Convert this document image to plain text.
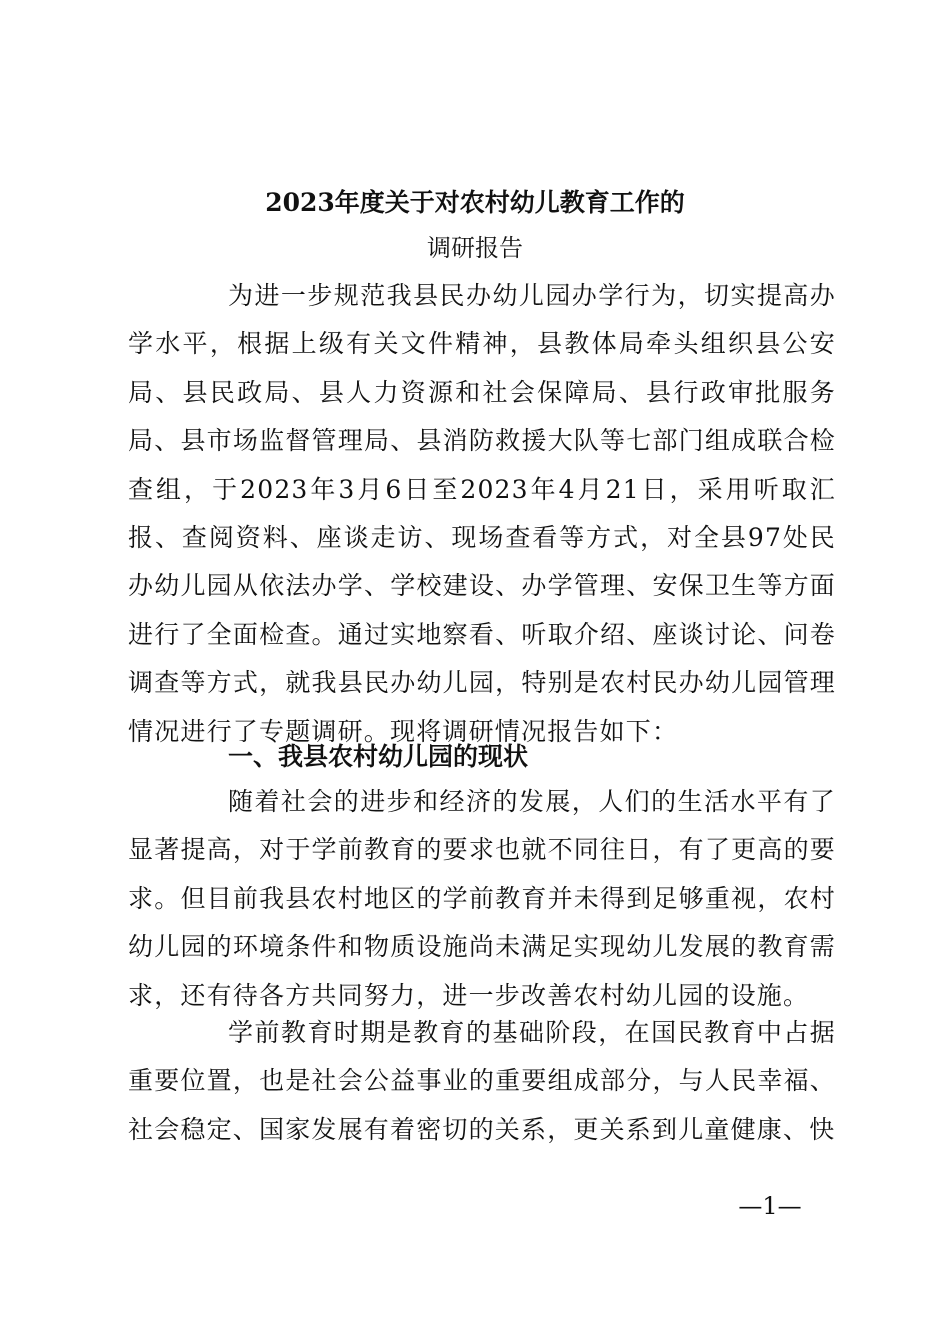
2023年度关于对农村幼儿教育工作的
调研报告

为进一步规范我县民办幼儿园办学行为，切实提高办学水平，根据上级有关文件精神，县教体局牵头组织县公安局、县民政局、县人力资源和社会保障局、县行政审批服务局、县市场监督管理局、县消防救援大队等七部门组成联合检查组，于2023年3月6日至2023年4月21日，采用听取汇报、查阅资料、座谈走访、现场查看等方式，对全县97处民办幼儿园从依法办学、学校建设、办学管理、安保卫生等方面进行了全面检查。通过实地察看、听取介绍、座谈讨论、问卷调查等方式，就我县民办幼儿园，特别是农村民办幼儿园管理情况进行了专题调研。现将调研情况报告如下：

一、我县农村幼儿园的现状

随着社会的进步和经济的发展，人们的生活水平有了显著提高，对于学前教育的要求也就不同往日，有了更高的要求。但目前我县农村地区的学前教育并未得到足够重视，农村幼儿园的环境条件和物质设施尚未满足实现幼儿发展的教育需求，还有待各方共同努力，进一步改善农村幼儿园的设施。

学前教育时期是教育的基础阶段，在国民教育中占据重要位置，也是社会公益事业的重要组成部分，与人民幸福、社会稳定、国家发展有着密切的关系，更关系到儿童健康、快

—1—
